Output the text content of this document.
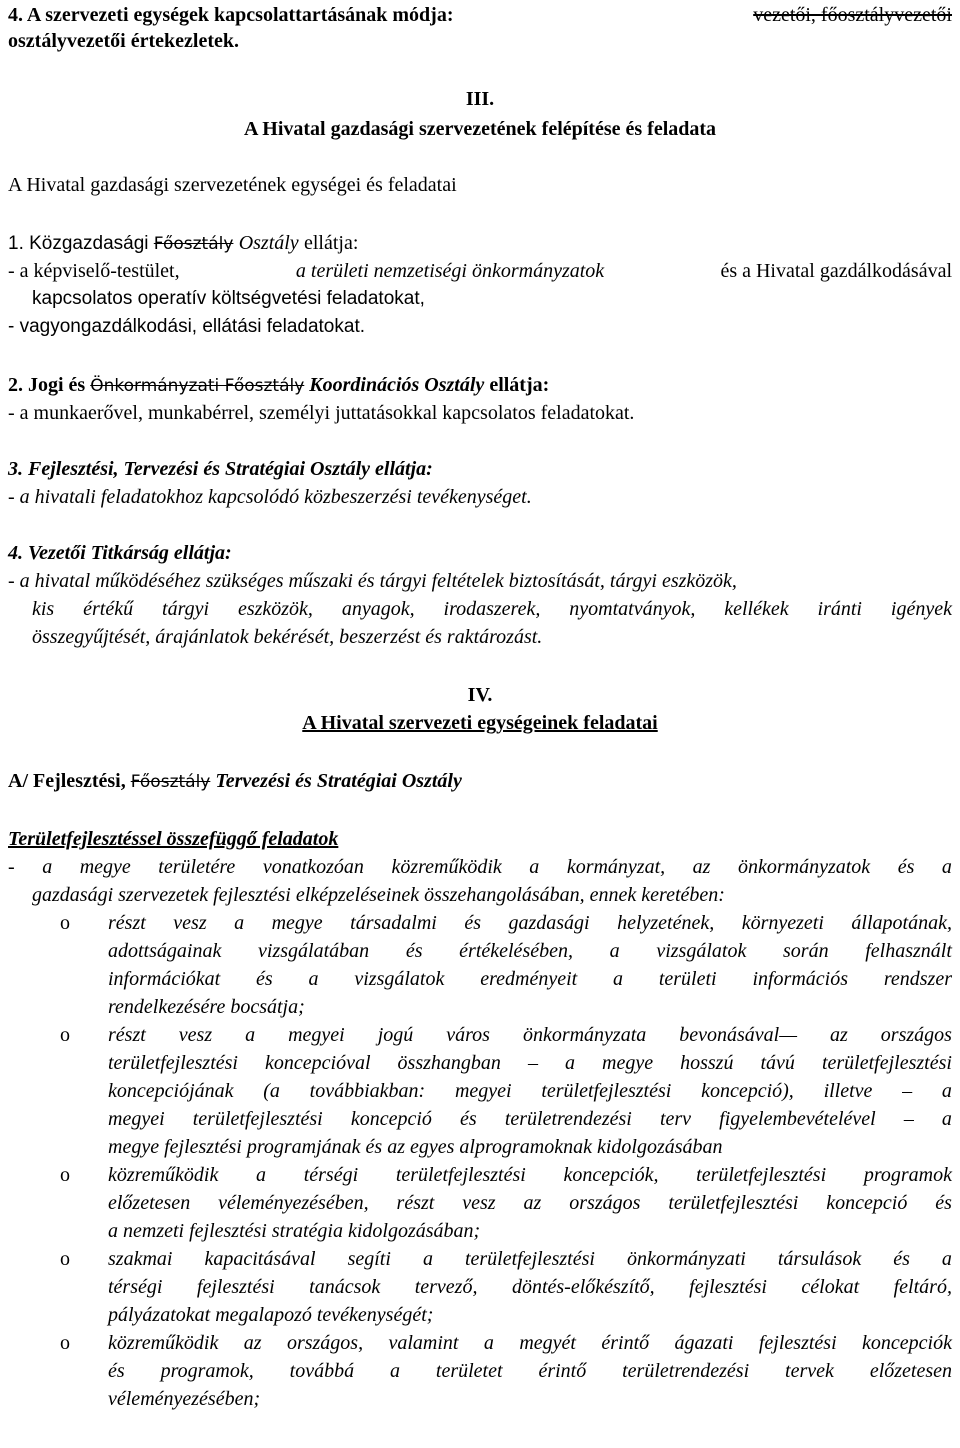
4. A szervezeti egységek kapcsolattartásának módja:	vezetői, főosztályvezetői
osztályvezetői értekezletek.
III.
A Hivatal gazdasági szervezetének felépítése és feladata
A Hivatal gazdasági szervezetének egységei és feladatai
1. Közgazdasági Főosztály Osztály ellátja:
- a képviselő-testület,	a területi nemzetiségi önkormányzatok	és a Hivatal gazdálkodásával
kapcsolatos operatív költségvetési feladatokat,
- vagyongazdálkodási, ellátási feladatokat.
2. Jogi és Önkormányzati Főosztály Koordinációs Osztály ellátja:
- a munkaerővel, munkabérrel, személyi juttatásokkal kapcsolatos feladatokat.
3. Fejlesztési, Tervezési és Stratégiai Osztály ellátja:
- a hivatali feladatokhoz kapcsolódó közbeszerzési tevékenységet.
4. Vezetői Titkárság ellátja:
- a hivatal működéséhez szükséges műszaki és tárgyi feltételek biztosítását, tárgyi eszközök,
kis értékű tárgyi eszközök, anyagok, irodaszerek, nyomtatványok, kellékek iránti igények
összegyűjtését, árajánlatok bekérését, beszerzést és raktározást.
IV.
A Hivatal szervezeti egységeinek feladatai
A/ Fejlesztési, Főosztály Tervezési és Stratégiai Osztály
Területfejlesztéssel összefüggő feladatok
- a megye területére vonatkozóan közreműködik a kormányzat, az önkormányzatok és a
gazdasági szervezetek fejlesztési elképzeléseinek összehangolásában, ennek keretében:
o részt vesz a megye társadalmi és gazdasági helyzetének, környezeti állapotának,
adottságainak vizsgálatában és értékelésében, a vizsgálatok során felhasznált
információkat és a vizsgálatok eredményeit a területi információs rendszer
rendelkezésére bocsátja;
o részt vesz a megyei jogú város önkormányzata bevonásával— az országos
területfejlesztési koncepcióval összhangban – a megye hosszú távú területfejlesztési
koncepciójának (a továbbiakban: megyei területfejlesztési koncepció), illetve – a
megyei területfejlesztési koncepció és területrendezési terv figyelembevételével – a
megye fejlesztési programjának és az egyes alprogramoknak kidolgozásában
o közreműködik a térségi területfejlesztési koncepciók, területfejlesztési programok
előzetesen véleményezésében, részt vesz az országos területfejlesztési koncepció és
a nemzeti fejlesztési stratégia kidolgozásában;
o szakmai kapacitásával segíti a területfejlesztési önkormányzati társulások és a
térségi fejlesztési tanácsok tervező, döntés-előkészítő, fejlesztési célokat feltáró,
pályázatokat megalapozó tevékenységét;
o közreműködik az országos, valamint a megyét érintő ágazati fejlesztési koncepciók
és programok, továbbá a területet érintő területrendezési tervek előzetesen
véleményezésében;
